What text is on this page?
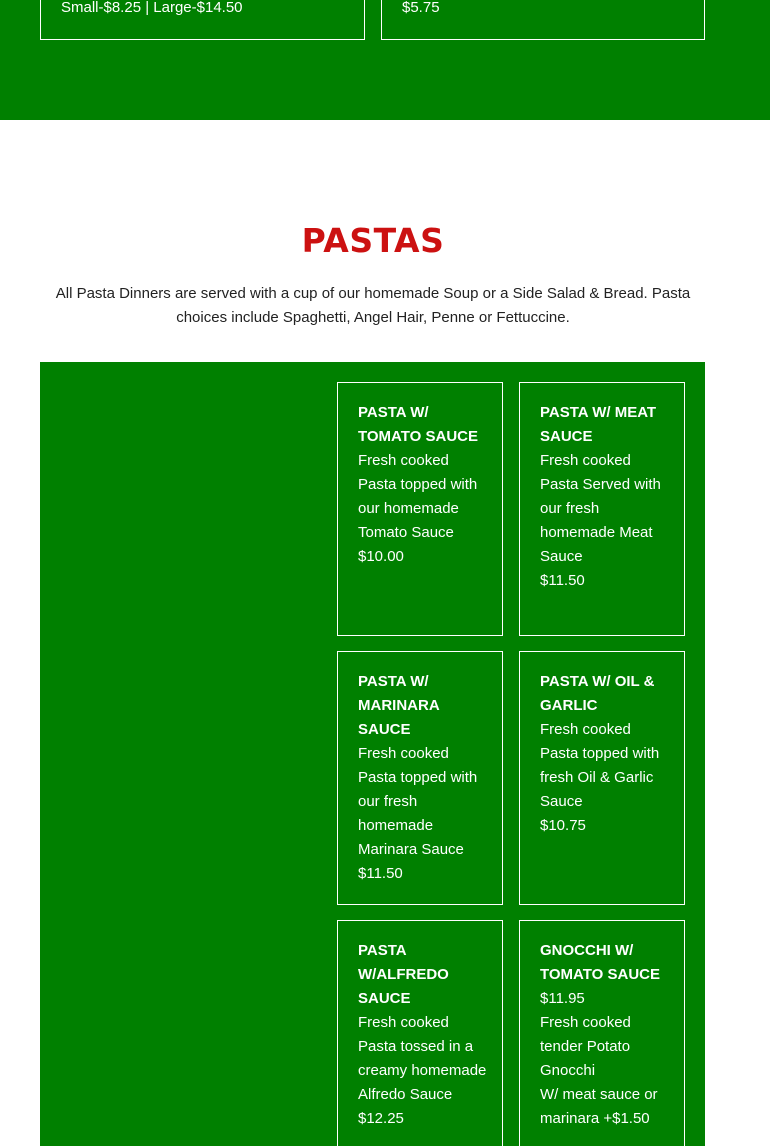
Small-$8.25 | Large-$14.50	$5.75
PASTAS

All Pasta Dinners are served with a cup of our homemade Soup or a Side Salad & Bread. Pasta choices include Spaghetti, Angel Hair, Penne or Fettuccine.

PASTA W/ TOMATO SAUCE
Fresh cooked Pasta topped with our homemade Tomato Sauce
$10.00
PASTA W/ MEAT SAUCE
Fresh cooked Pasta Served with our fresh homemade Meat Sauce
$11.50
PASTA W/ MARINARA SAUCE
Fresh cooked Pasta topped with our fresh homemade Marinara Sauce
$11.50
PASTA W/ OIL & GARLIC
Fresh cooked Pasta topped with fresh Oil & Garlic Sauce
$10.75
PASTA W/ALFREDO SAUCE
Fresh cooked Pasta tossed in a creamy homemade Alfredo Sauce
$12.25
GNOCCHI W/ TOMATO SAUCE
$11.95
Fresh cooked tender Potato Gnocchi
W/ meat sauce or marinara +$1.50
